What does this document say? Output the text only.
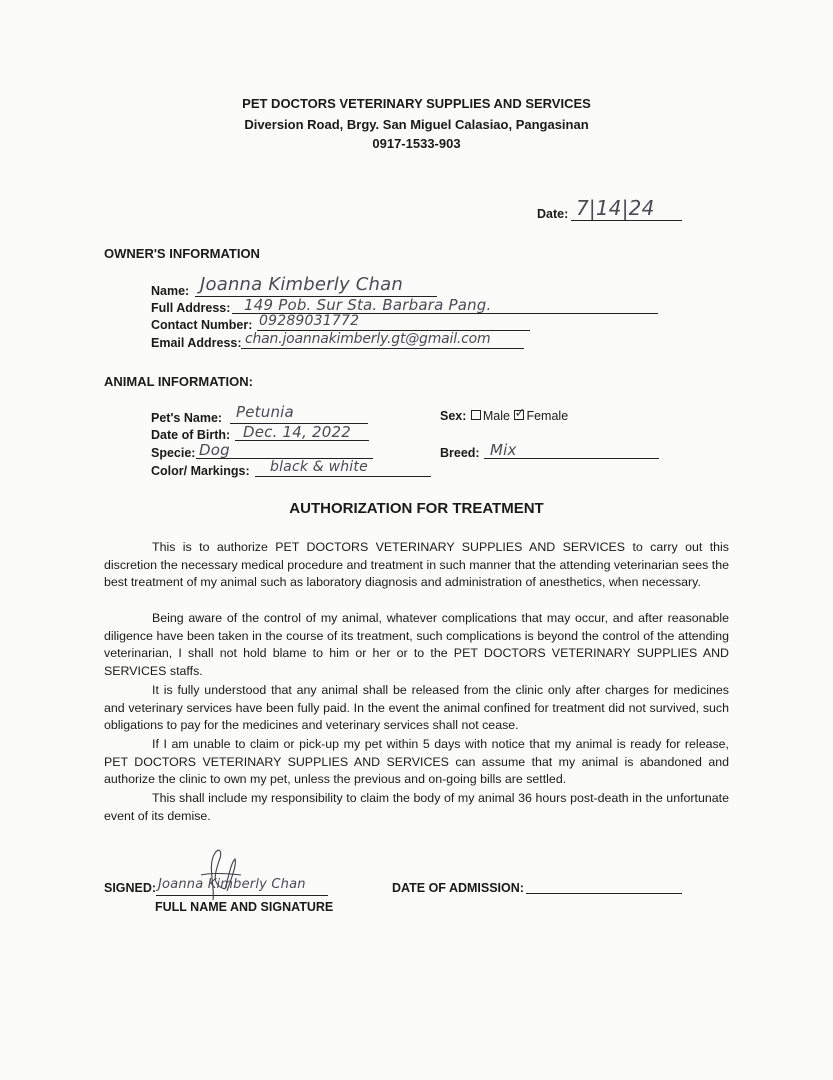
PET DOCTORS VETERINARY SUPPLIES AND SERVICES
Diversion Road, Brgy. San Miguel Calasiao, Pangasinan
0917-1533-903
Date: 7|14|24
OWNER'S INFORMATION
Name: Joanna Kimberly Chan
Full Address: 149 Pob. Sur Sta. Barbara Pang.
Contact Number: 09289031772
Email Address: chan.joannakimberly.gt@gmail.com
ANIMAL INFORMATION:
Pet's Name: Petunia
Date of Birth: Dec. 14, 2022
Specie: Dog
Color/ Markings: black & white
Sex: Male ✓ Female
Breed: Mix
AUTHORIZATION FOR TREATMENT

This is to authorize PET DOCTORS VETERINARY SUPPLIES AND SERVICES to carry out this discretion the necessary medical procedure and treatment in such manner that the attending veterinarian sees the best treatment of my animal such as laboratory diagnosis and administration of anesthetics, when necessary.

Being aware of the control of my animal, whatever complications that may occur, and after reasonable diligence have been taken in the course of its treatment, such complications is beyond the control of the attending veterinarian, I shall not hold blame to him or her or to the PET DOCTORS VETERINARY SUPPLIES AND SERVICES staffs.

It is fully understood that any animal shall be released from the clinic only after charges for medicines and veterinary services have been fully paid. In the event the animal confined for treatment did not survived, such obligations to pay for the medicines and veterinary services shall not cease.

If I am unable to claim or pick-up my pet within 5 days with notice that my animal is ready for release, PET DOCTORS VETERINARY SUPPLIES AND SERVICES can assume that my animal is abandoned and authorize the clinic to own my pet, unless the previous and on-going bills are settled.

This shall include my responsibility to claim the body of my animal 36 hours post-death in the unfortunate event of its demise.

SIGNED: Joanna Kimberly Chan
FULL NAME AND SIGNATURE
DATE OF ADMISSION:
